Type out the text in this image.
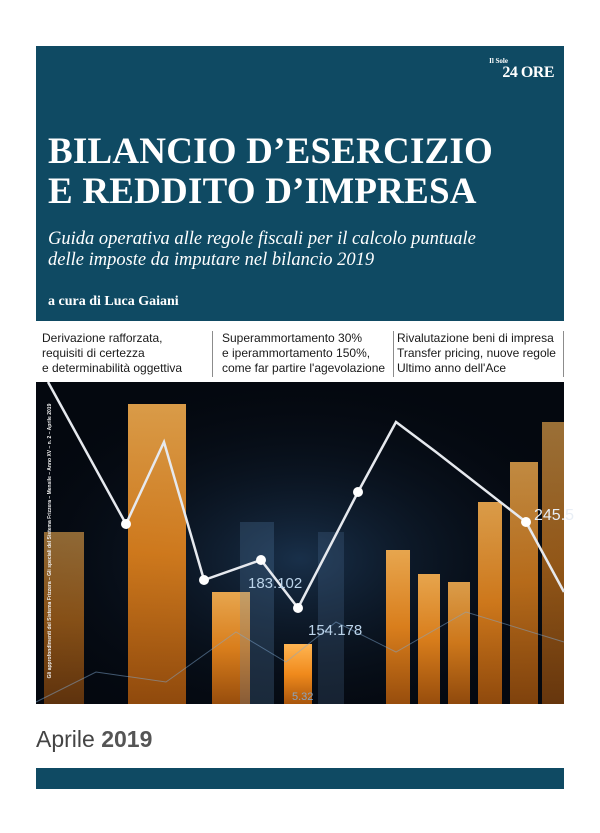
Il Sole
24 ORE
BILANCIO D’ESERCIZIO
E REDDITO D’IMPRESA
Guida operativa alle regole fiscali per il calcolo puntuale
delle imposte da imputare nel bilancio 2019
a cura di Luca Gaiani
Derivazione rafforzata,
requisiti di certezza
e determinabilità oggettiva
Superammortamento 30%
e iperammortamento 150%,
come far partire l'agevolazione
Rivalutazione beni di impresa
Transfer pricing, nuove regole
Ultimo anno dell'Ace
183.102
154.178
245.5
5.32
Gli approfondimenti del Sistema Frizzera – Gli speciali del Sistema Frizzera – Mensile – Anno XV – n. 2 – Aprile 2019
Aprile 2019
